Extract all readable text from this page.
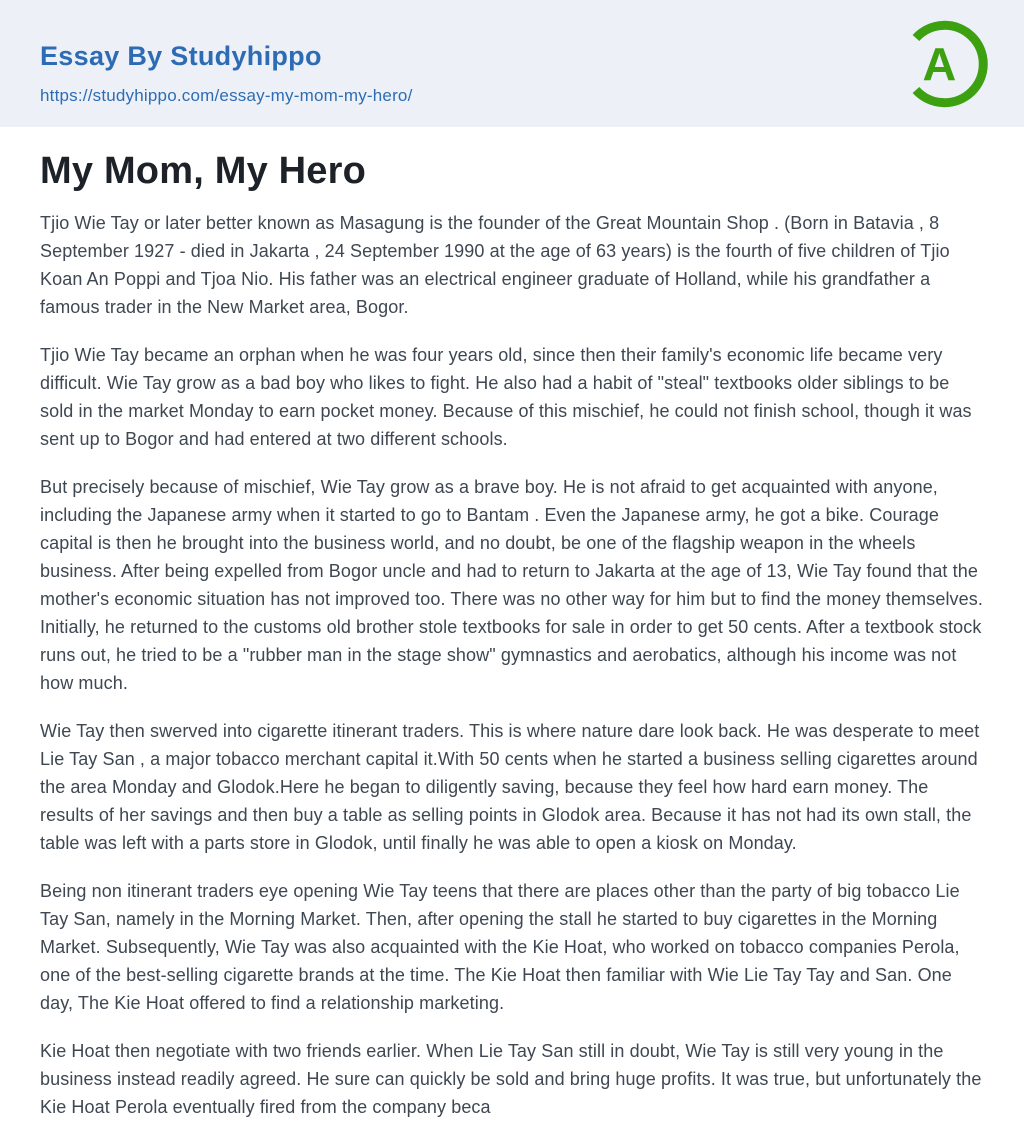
Essay By Studyhippo
https://studyhippo.com/essay-my-mom-my-hero/
A
My Mom, My Hero

Tjio Wie Tay or later better known as Masagung is the founder of the Great Mountain Shop . (Born in Batavia , 8 September 1927 - died in Jakarta , 24 September 1990 at the age of 63 years) is the fourth of five children of Tjio Koan An Poppi and Tjoa Nio. His father was an electrical engineer graduate of Holland, while his grandfather a famous trader in the New Market area, Bogor.

Tjio Wie Tay became an orphan when he was four years old, since then their family's economic life became very difficult. Wie Tay grow as a bad boy who likes to fight. He also had a habit of "steal" textbooks older siblings to be sold in the market Monday to earn pocket money. Because of this mischief, he could not finish school, though it was sent up to Bogor and had entered at two different schools.

But precisely because of mischief, Wie Tay grow as a brave boy. He is not afraid to get acquainted with anyone, including the Japanese army when it started to go to Bantam . Even the Japanese army, he got a bike. Courage capital is then he brought into the business world, and no doubt, be one of the flagship weapon in the wheels business. After being expelled from Bogor uncle and had to return to Jakarta at the age of 13, Wie Tay found that the mother's economic situation has not improved too. There was no other way for him but to find the money themselves. Initially, he returned to the customs old brother stole textbooks for sale in order to get 50 cents. After a textbook stock runs out, he tried to be a "rubber man in the stage show" gymnastics and aerobatics, although his income was not how much.

Wie Tay then swerved into cigarette itinerant traders. This is where nature dare look back. He was desperate to meet Lie Tay San , a major tobacco merchant capital it.With 50 cents when he started a business selling cigarettes around the area Monday and Glodok.Here he began to diligently saving, because they feel how hard earn money. The results of her savings and then buy a table as selling points in Glodok area. Because it has not had its own stall, the table was left with a parts store in Glodok, until finally he was able to open a kiosk on Monday.

Being non itinerant traders eye opening Wie Tay teens that there are places other than the party of big tobacco Lie Tay San, namely in the Morning Market. Then, after opening the stall he started to buy cigarettes in the Morning Market. Subsequently, Wie Tay was also acquainted with the Kie Hoat, who worked on tobacco companies Perola, one of the best-selling cigarette brands at the time. The Kie Hoat then familiar with Wie Lie Tay Tay and San. One day, The Kie Hoat offered to find a relationship marketing.

Kie Hoat then negotiate with two friends earlier. When Lie Tay San still in doubt, Wie Tay is still very young in the business instead readily agreed. He sure can quickly be sold and bring huge profits. It was true, but unfortunately the Kie Hoat Perola eventually fired from the company beca
